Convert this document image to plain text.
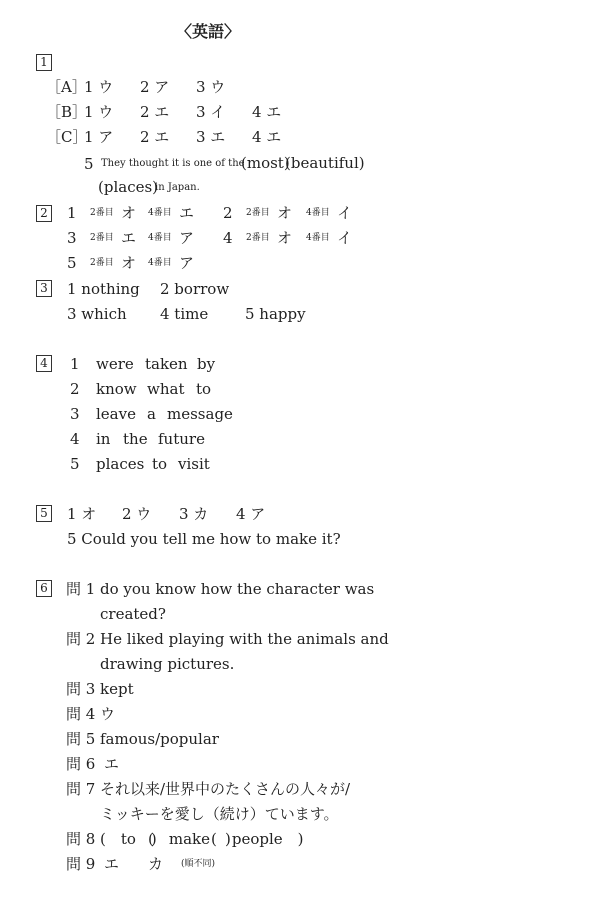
〈英語〉
1
［A］
1 ウ 2 ア 3 ウ
［B］
1 ウ 2 エ 3 イ 4 エ
［C］
1 ア 2 エ 3 エ 4 エ
5 They thought it is one of the
(most)
(beautiful)
(places)
in Japan.
2 1 2番目 オ 4番目 エ 2 2番目 オ 4番目 イ
3 2番目 エ 4番目 ア 4 2番目 オ 4番目 イ
5 2番目 オ 4番目 ア
3 1 nothing 2 borrow
3 which 4 time 5 happy
4 1 were taken by
2 know what to
3 leave a message
4 in the future
5 places to visit
5 1 オ 2 ウ 3 カ 4 ア
5 Could you tell me how to make it?
6 問 1 do you know how the character was
created?
問 2 He liked playing with the animals and
drawing pictures.
問 3 kept
問 4 ウ
問 5 famous/popular
問 6 エ
問 7 それ以来/世界中のたくさんの人々が/
ミッキーを愛し（続け）ています。
問 8 (　to　)
(　make　)
(　people　)
問 9 エ カ (順不同)
